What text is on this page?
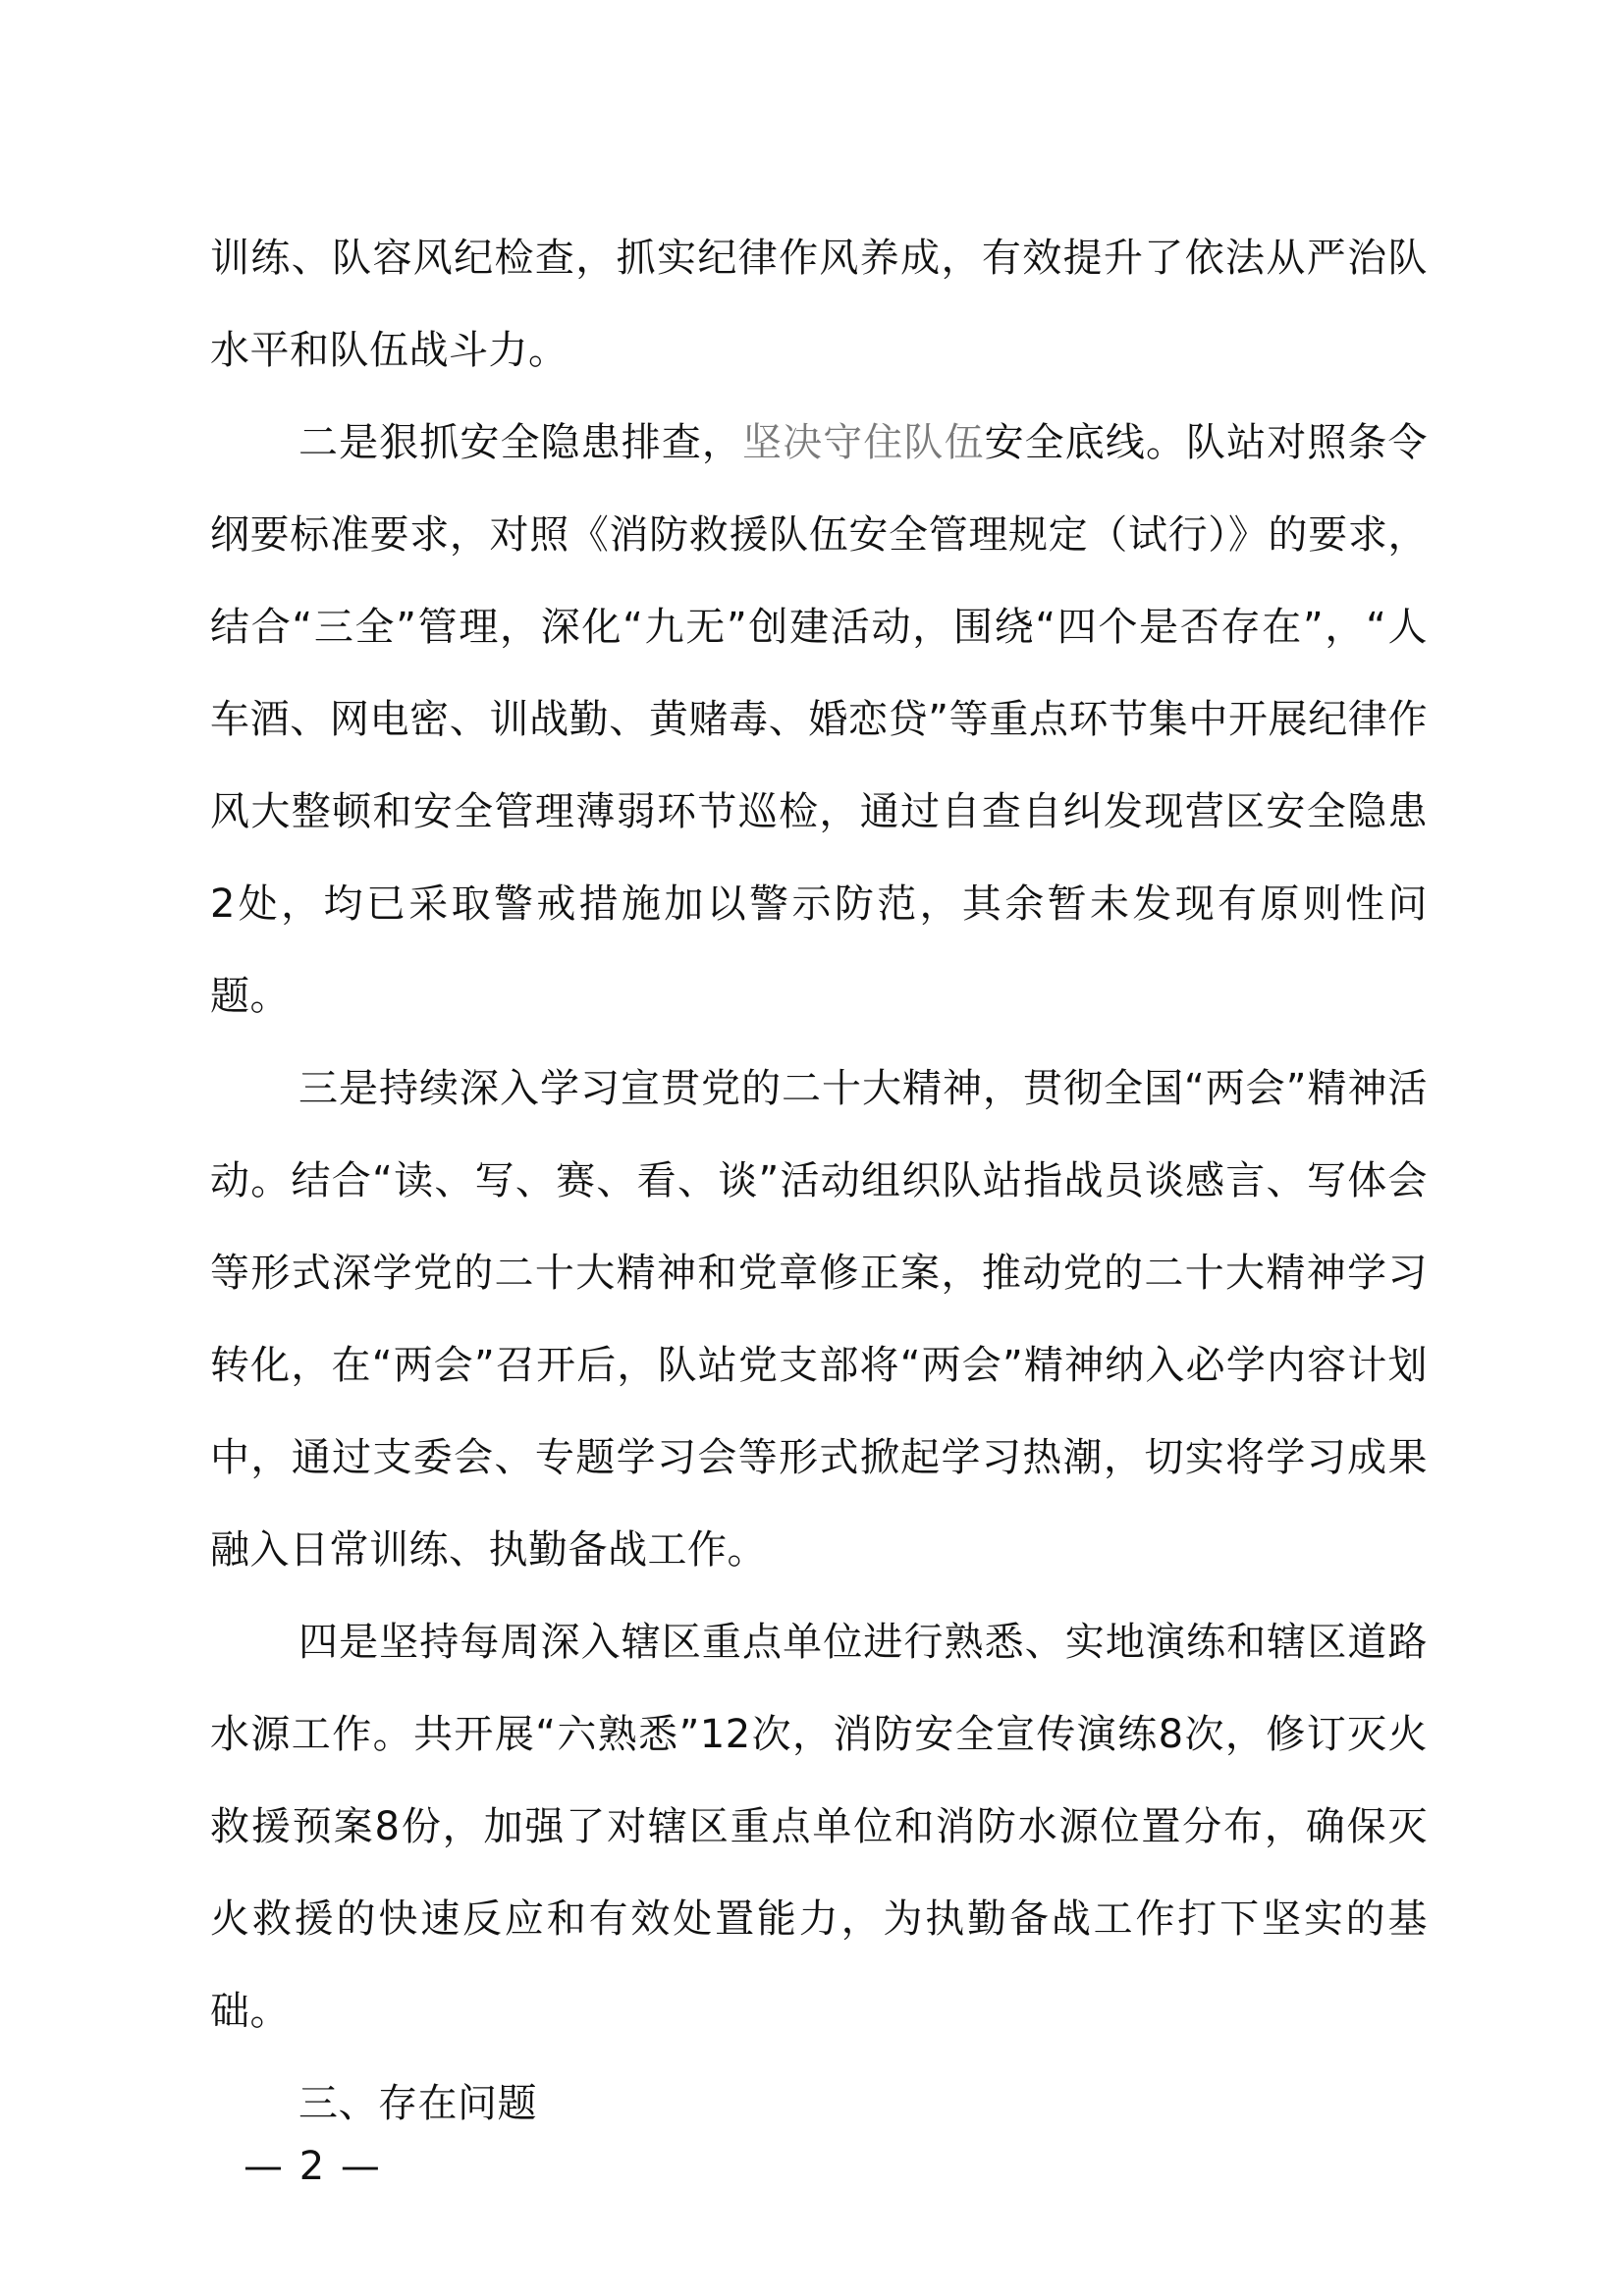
训练、队容风纪检查，抓实纪律作风养成，有效提升了依法从严治队水平和队伍战斗力。

二是狠抓安全隐患排查，坚决守住队伍安全底线。队站对照条令纲要标准要求，对照《消防救援队伍安全管理规定（试行）》的要求，结合“三全”管理，深化“九无”创建活动，围绕“四个是否存在”，“人车酒、网电密、训战勤、黄赌毒、婚恋贷”等重点环节集中开展纪律作风大整顿和安全管理薄弱环节巡检，通过自查自纠发现营区安全隐患2处，均已采取警戒措施加以警示防范，其余暂未发现有原则性问题。

三是持续深入学习宣贯党的二十大精神，贯彻全国“两会”精神活动。结合“读、写、赛、看、谈”活动组织队站指战员谈感言、写体会等形式深学党的二十大精神和党章修正案，推动党的二十大精神学习转化，在“两会”召开后，队站党支部将“两会”精神纳入必学内容计划中，通过支委会、专题学习会等形式掀起学习热潮，切实将学习成果融入日常训练、执勤备战工作。

四是坚持每周深入辖区重点单位进行熟悉、实地演练和辖区道路水源工作。共开展“六熟悉”12次，消防安全宣传演练8次，修订灭火救援预案8份，加强了对辖区重点单位和消防水源位置分布，确保灭火救援的快速反应和有效处置能力，为执勤备战工作打下坚实的基础。

三、存在问题

— 2 —
